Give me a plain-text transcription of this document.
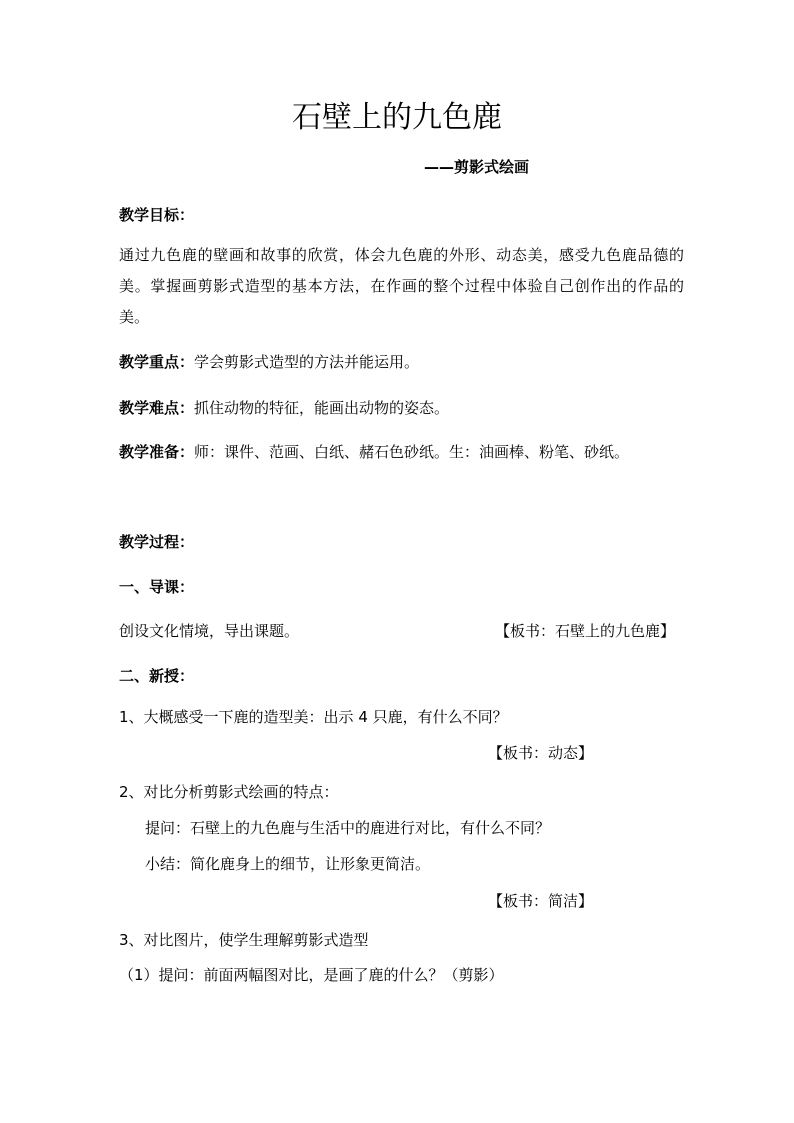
石壁上的九色鹿
——剪影式绘画
教学目标：
通过九色鹿的壁画和故事的欣赏，体会九色鹿的外形、动态美，感受九色鹿品德的美。掌握画剪影式造型的基本方法，在作画的整个过程中体验自己创作出的作品的美。
教学重点：学会剪影式造型的方法并能运用。
教学难点：抓住动物的特征，能画出动物的姿态。
教学准备：师：课件、范画、白纸、赭石色砂纸。生：油画棒、粉笔、砂纸。
教学过程：
一、导课：
创设文化情境，导出课题。	【板书：石壁上的九色鹿】
二、新授：
1、大概感受一下鹿的造型美：出示 4 只鹿，有什么不同？
【板书：动态】
2、对比分析剪影式绘画的特点：
提问：石壁上的九色鹿与生活中的鹿进行对比，有什么不同？
小结：简化鹿身上的细节，让形象更简洁。
【板书：简洁】
3、对比图片，使学生理解剪影式造型
（1）提问：前面两幅图对比，是画了鹿的什么？（剪影）
